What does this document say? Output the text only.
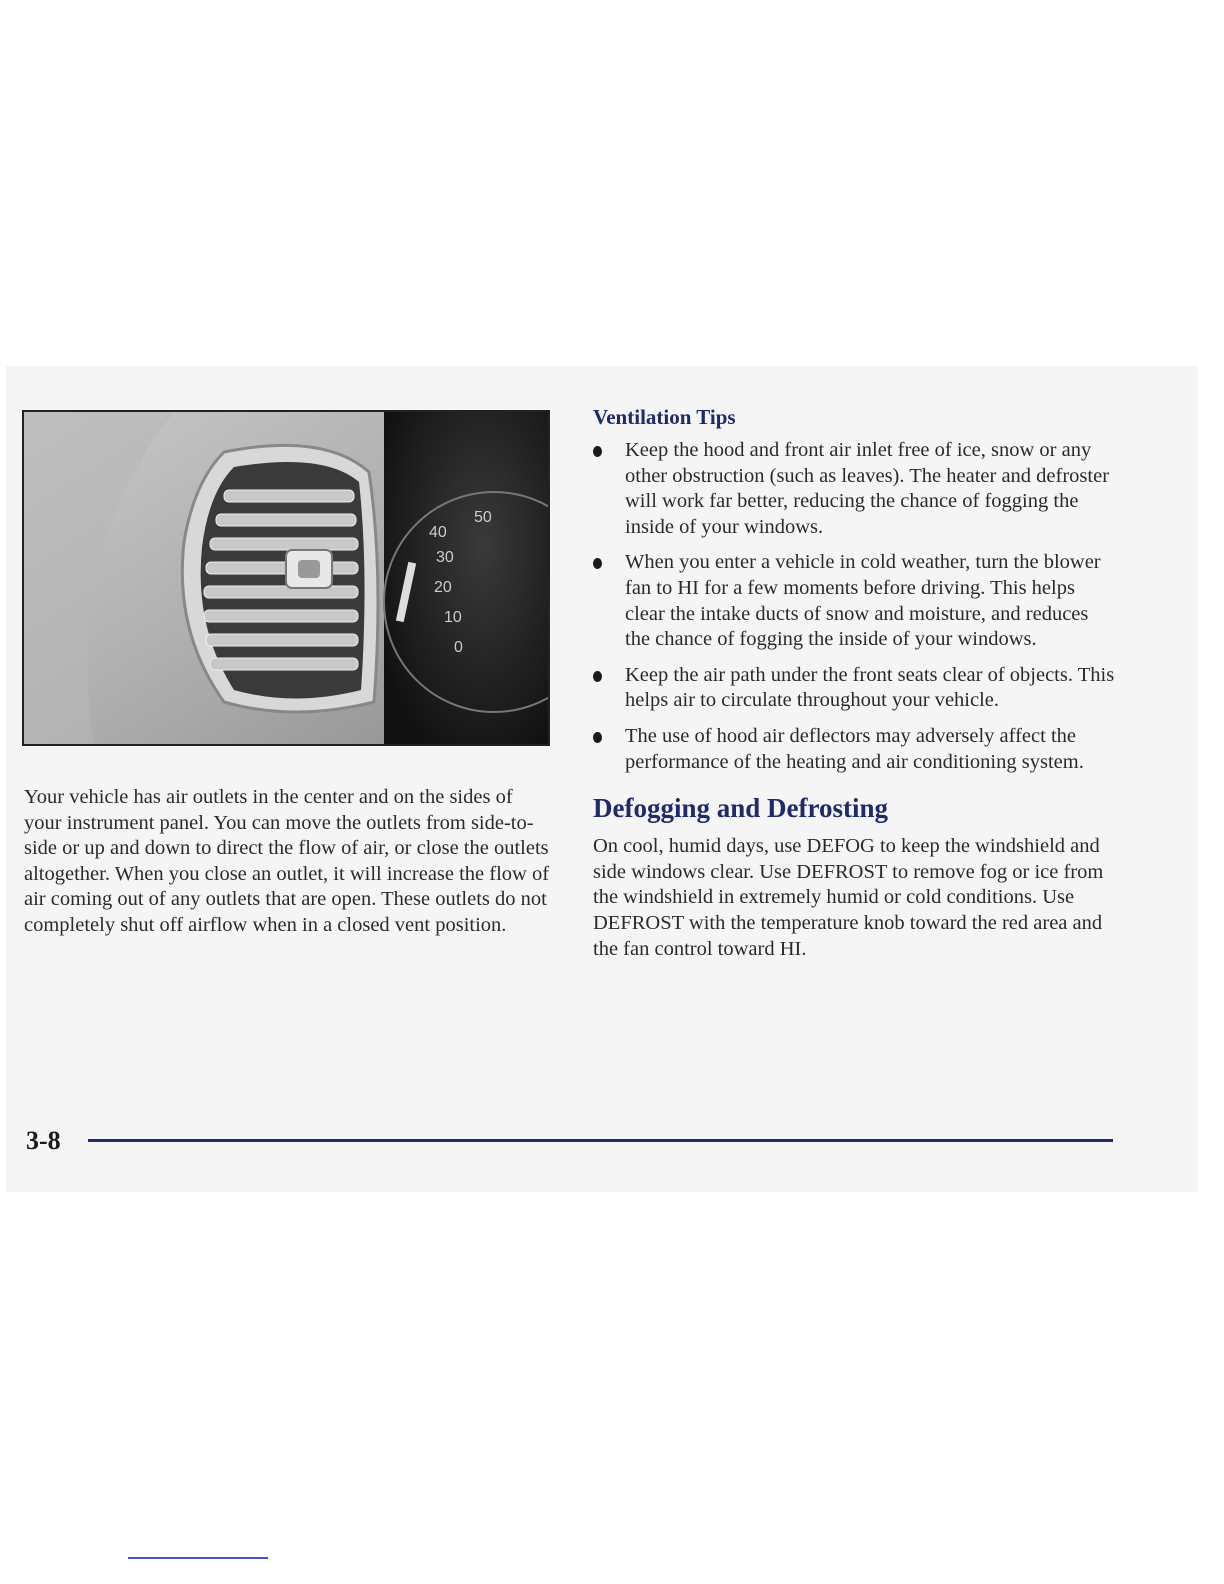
40
50
30
20
10
0

Your vehicle has air outlets in the center and on the sides of your instrument panel. You can move the outlets from side-to-side or up and down to direct the flow of air, or close the outlets altogether. When you close an outlet, it will increase the flow of air coming out of any outlets that are open. These outlets do not completely shut off airflow when in a closed vent position.

Ventilation Tips
Keep the hood and front air inlet free of ice, snow or any other obstruction (such as leaves). The heater and defroster will work far better, reducing the chance of fogging the inside of your windows.
When you enter a vehicle in cold weather, turn the blower fan to HI for a few moments before driving. This helps clear the intake ducts of snow and moisture, and reduces the chance of fogging the inside of your windows.
Keep the air path under the front seats clear of objects. This helps air to circulate throughout your vehicle.
The use of hood air deflectors may adversely affect the performance of the heating and air conditioning system.
Defogging and Defrosting

On cool, humid days, use DEFOG to keep the windshield and side windows clear. Use DEFROST to remove fog or ice from the windshield in extremely humid or cold conditions. Use DEFROST with the temperature knob toward the red area and the fan control toward HI.

3-8
